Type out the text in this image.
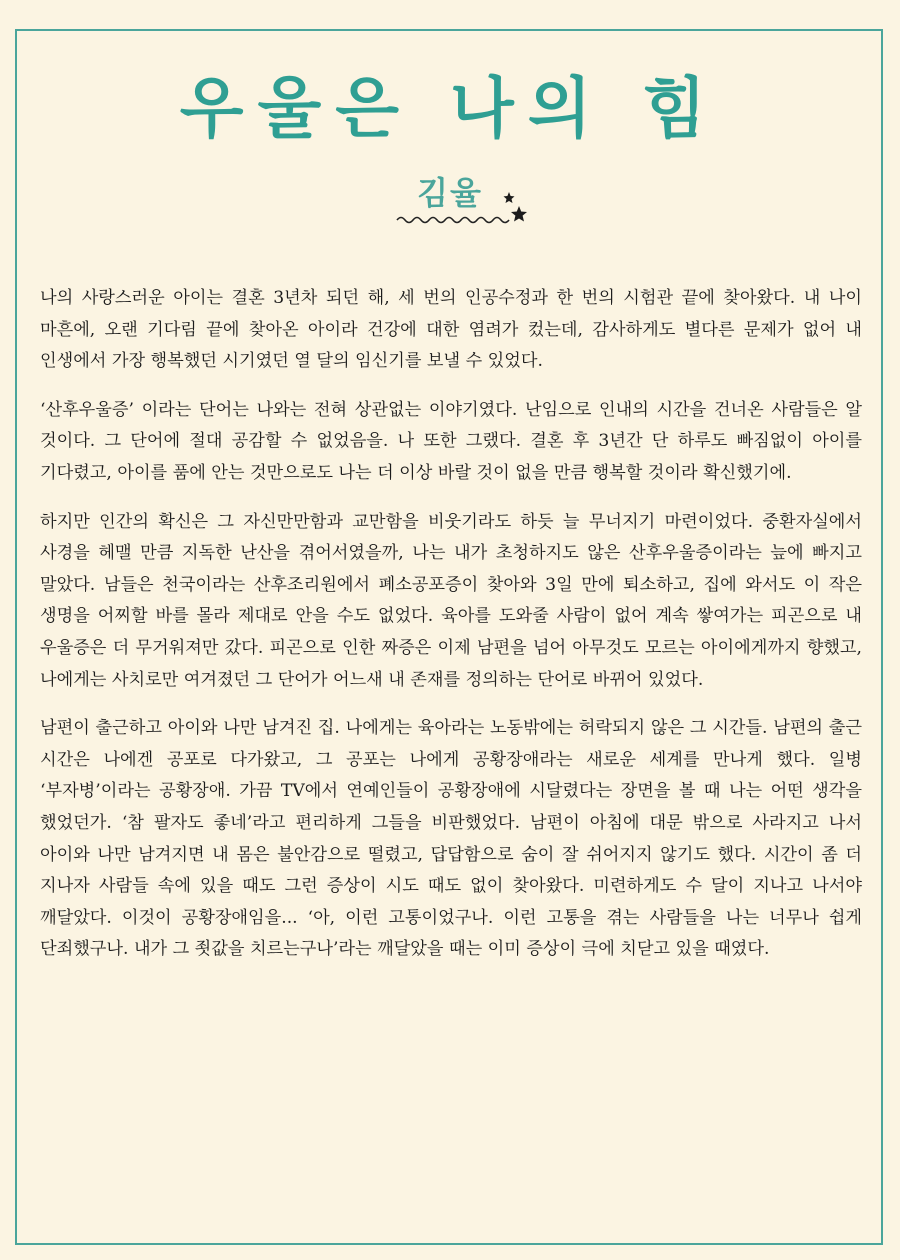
우울은 나의 힘
김율

나의 사랑스러운 아이는 결혼 3년차 되던 해, 세 번의 인공수정과 한 번의 시험관 끝에 찾아왔다. 내 나이 마흔에, 오랜 기다림 끝에 찾아온 아이라 건강에 대한 염려가 컸는데, 감사하게도 별다른 문제가 없어 내 인생에서 가장 행복했던 시기였던 열 달의 임신기를 보낼 수 있었다.

‘산후우울증’ 이라는 단어는 나와는 전혀 상관없는 이야기였다. 난임으로 인내의 시간을 건너온 사람들은 알 것이다. 그 단어에 절대 공감할 수 없었음을. 나 또한 그랬다. 결혼 후 3년간 단 하루도 빠짐없이 아이를 기다렸고, 아이를 품에 안는 것만으로도 나는 더 이상 바랄 것이 없을 만큼 행복할 것이라 확신했기에.

하지만 인간의 확신은 그 자신만만함과 교만함을 비웃기라도 하듯 늘 무너지기 마련이었다. 중환자실에서 사경을 헤맬 만큼 지독한 난산을 겪어서였을까, 나는 내가 초청하지도 않은 산후우울증이라는 늪에 빠지고 말았다. 남들은 천국이라는 산후조리원에서 폐소공포증이 찾아와 3일 만에 퇴소하고, 집에 와서도 이 작은 생명을 어찌할 바를 몰라 제대로 안을 수도 없었다. 육아를 도와줄 사람이 없어 계속 쌓여가는 피곤으로 내 우울증은 더 무거워져만 갔다. 피곤으로 인한 짜증은 이제 남편을 넘어 아무것도 모르는 아이에게까지 향했고, 나에게는 사치로만 여겨졌던 그 단어가 어느새 내 존재를 정의하는 단어로 바뀌어 있었다.

남편이 출근하고 아이와 나만 남겨진 집. 나에게는 육아라는 노동밖에는 허락되지 않은 그 시간들. 남편의 출근 시간은 나에겐 공포로 다가왔고, 그 공포는 나에게 공황장애라는 새로운 세계를 만나게 했다. 일병 ‘부자병’이라는 공황장애. 가끔 TV에서 연예인들이 공황장애에 시달렸다는 장면을 볼 때 나는 어떤 생각을 했었던가. ‘참 팔자도 좋네’라고 편리하게 그들을 비판했었다. 남편이 아침에 대문 밖으로 사라지고 나서 아이와 나만 남겨지면 내 몸은 불안감으로 떨렸고, 답답함으로 숨이 잘 쉬어지지 않기도 했다. 시간이 좀 더 지나자 사람들 속에 있을 때도 그런 증상이 시도 때도 없이 찾아왔다. 미련하게도 수 달이 지나고 나서야 깨달았다. 이것이 공황장애임을... ‘아, 이런 고통이었구나. 이런 고통을 겪는 사람들을 나는 너무나 쉽게 단죄했구나. 내가 그 죗값을 치르는구나’라는 깨달았을 때는 이미 증상이 극에 치닫고 있을 때였다.
